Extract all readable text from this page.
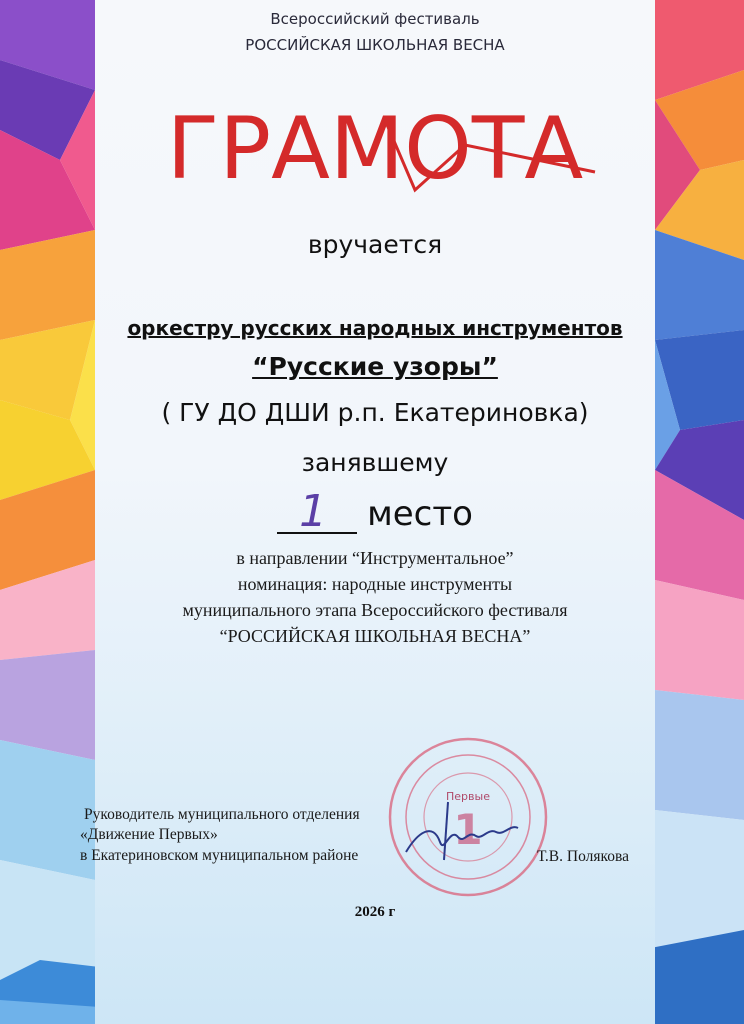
Всероссийский фестиваль
РОССИЙСКАЯ ШКОЛЬНАЯ ВЕСНА
ГРАМОТА
вручается
оркестру русских народных инструментов
“Русские узоры”
( ГУ ДО ДШИ р.п. Екатериновка)
занявшему
1 место
в направлении “Инструментальное”
номинация: народные инструменты
муниципального этапа Всероссийского фестиваля
“РОССИЙСКАЯ ШКОЛЬНАЯ ВЕСНА”
Первые
1
Руководитель муниципального отделения
«Движение Первых»
в Екатериновском муниципальном районе	Т.В. Полякова
2026 г
